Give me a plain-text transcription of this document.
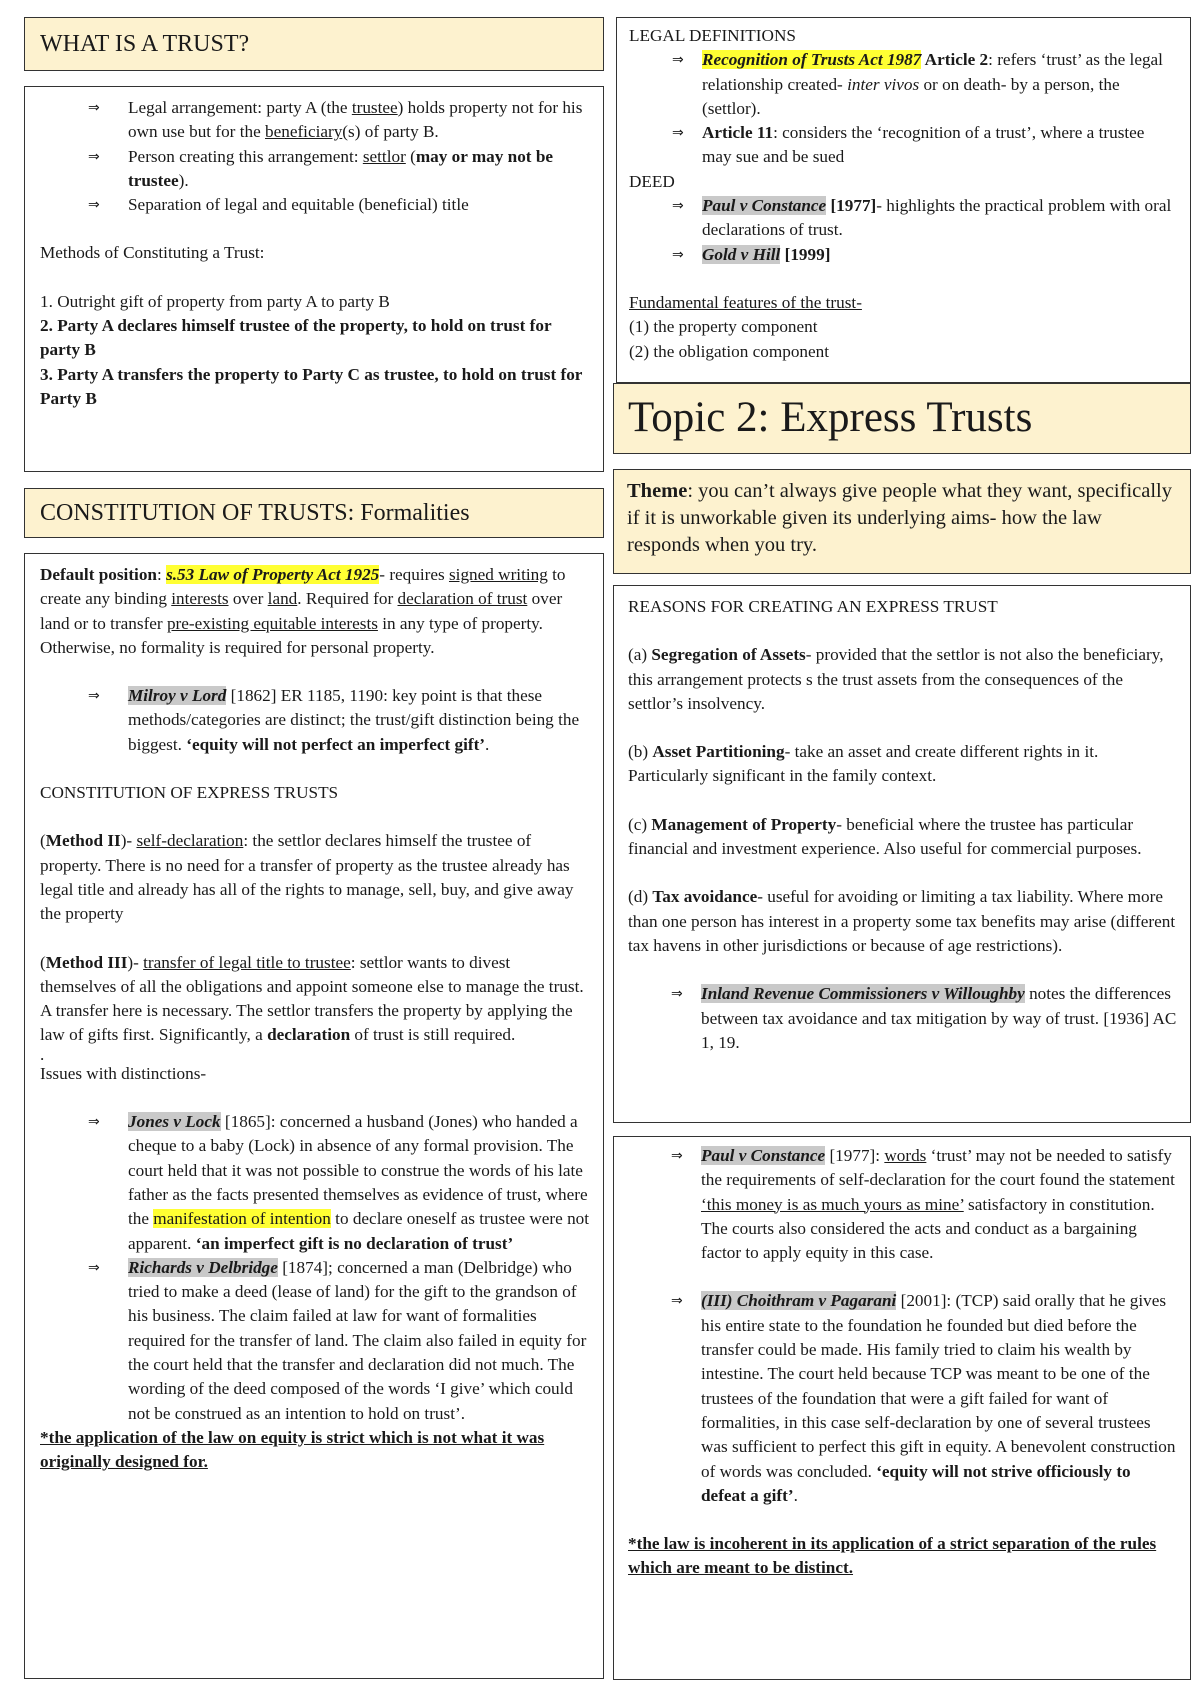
WHAT IS A TRUST?

⇒ Legal arrangement: party A (the trustee) holds property not for his own use but for the beneficiary(s) of party B.

⇒ Person creating this arrangement: settlor (may or may not be trustee).

⇒ Separation of legal and equitable (beneficial) title

Methods of Constituting a Trust:

1. Outright gift of property from party A to party B

2. Party A declares himself trustee of the property, to hold on trust for party B

3. Party A transfers the property to Party C as trustee, to hold on trust for Party B

CONSTITUTION OF TRUSTS: Formalities

Default position: s.53 Law of Property Act 1925- requires signed writing to create any binding interests over land. Required for declaration of trust over land or to transfer pre-existing equitable interests in any type of property. Otherwise, no formality is required for personal property.

⇒ Milroy v Lord [1862] ER 1185, 1190: key point is that these methods/categories are distinct; the trust/gift distinction being the biggest. ‘equity will not perfect an imperfect gift’.

CONSTITUTION OF EXPRESS TRUSTS

(Method II)- self-declaration: the settlor declares himself the trustee of property. There is no need for a transfer of property as the trustee already has legal title and already has all of the rights to manage, sell, buy, and give away the property

(Method III)- transfer of legal title to trustee: settlor wants to divest themselves of all the obligations and appoint someone else to manage the trust. A transfer here is necessary. The settlor transfers the property by applying the law of gifts first. Significantly, a declaration of trust is still required.

.

Issues with distinctions-

⇒ Jones v Lock [1865]: concerned a husband (Jones) who handed a cheque to a baby (Lock) in absence of any formal provision. The court held that it was not possible to construe the words of his late father as the facts presented themselves as evidence of trust, where the manifestation of intention to declare oneself as trustee were not apparent. ‘an imperfect gift is no declaration of trust’

⇒ Richards v Delbridge [1874]; concerned a man (Delbridge) who tried to make a deed (lease of land) for the gift to the grandson of his business. The claim failed at law for want of formalities required for the transfer of land. The claim also failed in equity for the court held that the transfer and declaration did not much. The wording of the deed composed of the words ‘I give’ which could not be construed as an intention to hold on trust’.

*the application of the law on equity is strict which is not what it was originally designed for.

LEGAL DEFINITIONS

⇒ Recognition of Trusts Act 1987 Article 2: refers ‘trust’ as the legal relationship created- inter vivos or on death- by a person, the (settlor).

⇒ Article 11: considers the ‘recognition of a trust’, where a trustee may sue and be sued

DEED

⇒ Paul v Constance [1977]- highlights the practical problem with oral declarations of trust.

⇒ Gold v Hill [1999]

Fundamental features of the trust-

(1) the property component

(2) the obligation component

Topic 2: Express Trusts
Theme: you can’t always give people what they want, specifically if it is unworkable given its underlying aims- how the law responds when you try.

REASONS FOR CREATING AN EXPRESS TRUST

(a) Segregation of Assets- provided that the settlor is not also the beneficiary, this arrangement protects s the trust assets from the consequences of the settlor’s insolvency.

(b) Asset Partitioning- take an asset and create different rights in it. Particularly significant in the family context.

(c) Management of Property- beneficial where the trustee has particular financial and investment experience. Also useful for commercial purposes.

(d) Tax avoidance- useful for avoiding or limiting a tax liability. Where more than one person has interest in a property some tax benefits may arise (different tax havens in other jurisdictions or because of age restrictions).

⇒ Inland Revenue Commissioners v Willoughby notes the differences between tax avoidance and tax mitigation by way of trust. [1936] AC 1, 19.

⇒ Paul v Constance [1977]: words ‘trust’ may not be needed to satisfy the requirements of self-declaration for the court found the statement ‘this money is as much yours as mine’ satisfactory in constitution. The courts also considered the acts and conduct as a bargaining factor to apply equity in this case.

⇒ (III) Choithram v Pagarani [2001]: (TCP) said orally that he gives his entire state to the foundation he founded but died before the transfer could be made. His family tried to claim his wealth by intestine. The court held because TCP was meant to be one of the trustees of the foundation that were a gift failed for want of formalities, in this case self-declaration by one of several trustees was sufficient to perfect this gift in equity. A benevolent construction of words was concluded. ‘equity will not strive officiously to defeat a gift’.

*the law is incoherent in its application of a strict separation of the rules which are meant to be distinct.
